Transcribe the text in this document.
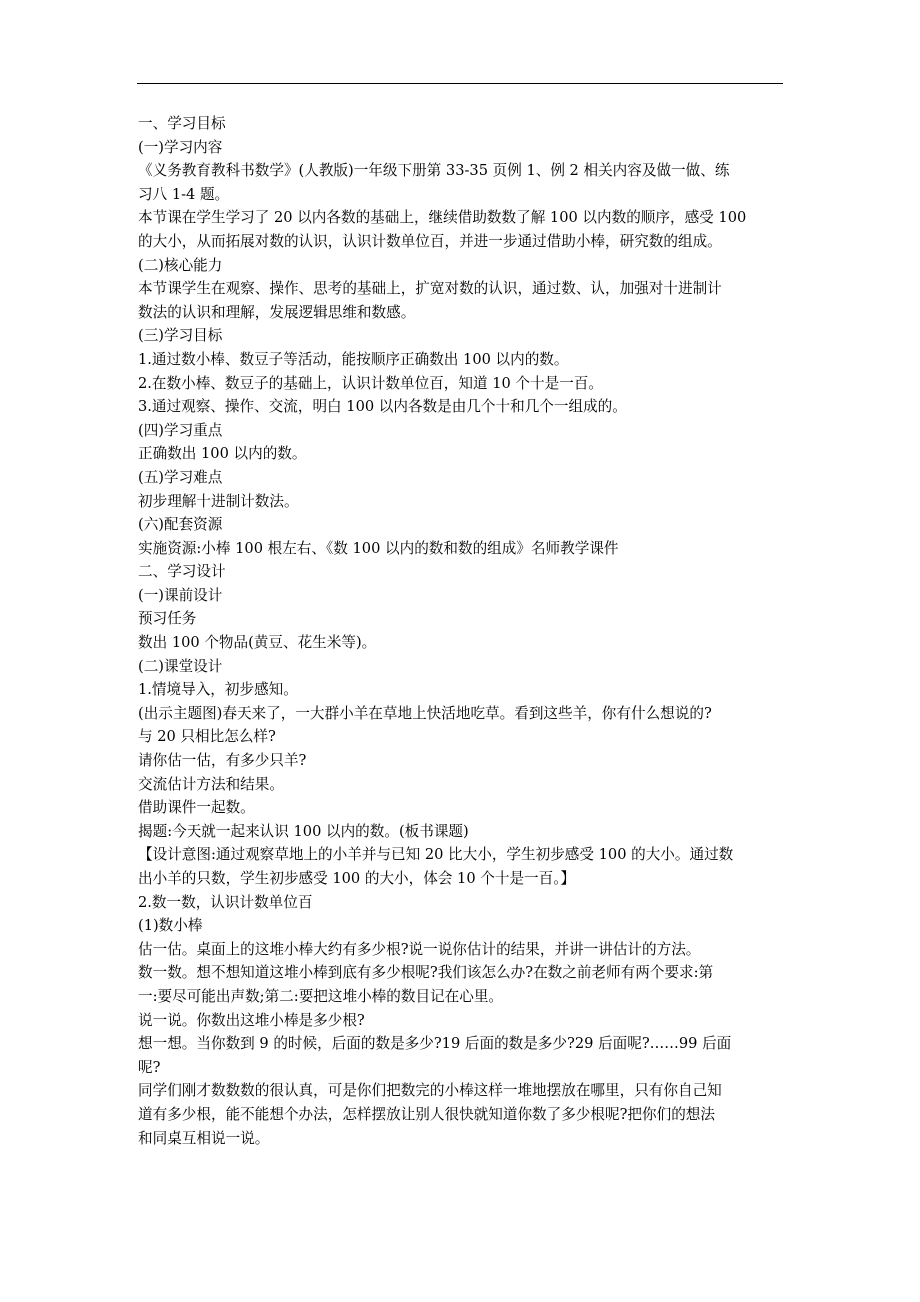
一、学习目标
(一)学习内容
《义务教育教科书数学》(人教版)一年级下册第 33-35 页例 1、例 2 相关内容及做一做、练
习八 1-4 题。
本节课在学生学习了 20 以内各数的基础上，继续借助数数了解 100 以内数的顺序，感受 100
的大小，从而拓展对数的认识，认识计数单位百，并进一步通过借助小棒，研究数的组成。
(二)核心能力
本节课学生在观察、操作、思考的基础上，扩宽对数的认识，通过数、认，加强对十进制计
数法的认识和理解，发展逻辑思维和数感。
(三)学习目标
1.通过数小棒、数豆子等活动，能按顺序正确数出 100 以内的数。
2.在数小棒、数豆子的基础上，认识计数单位百，知道 10 个十是一百。
3.通过观察、操作、交流，明白 100 以内各数是由几个十和几个一组成的。
(四)学习重点
正确数出 100 以内的数。
(五)学习难点
初步理解十进制计数法。
(六)配套资源
实施资源:小棒 100 根左右、《数 100 以内的数和数的组成》名师教学课件
二、学习设计
(一)课前设计
预习任务
数出 100 个物品(黄豆、花生米等)。
(二)课堂设计
1.情境导入，初步感知。
(出示主题图)春天来了，一大群小羊在草地上快活地吃草。看到这些羊，你有什么想说的?
与 20 只相比怎么样?
请你估一估，有多少只羊?
交流估计方法和结果。
借助课件一起数。
揭题:今天就一起来认识 100 以内的数。(板书课题)
【设计意图:通过观察草地上的小羊并与已知 20 比大小，学生初步感受 100 的大小。通过数
出小羊的只数，学生初步感受 100 的大小，体会 10 个十是一百。】
2.数一数，认识计数单位百
(1)数小棒
估一估。桌面上的这堆小棒大约有多少根?说一说你估计的结果，并讲一讲估计的方法。
数一数。想不想知道这堆小棒到底有多少根呢?我们该怎么办?在数之前老师有两个要求:第
一:要尽可能出声数;第二:要把这堆小棒的数目记在心里。
说一说。你数出这堆小棒是多少根?
想一想。当你数到 9 的时候，后面的数是多少?19 后面的数是多少?29 后面呢?……99 后面
呢?
同学们刚才数数数的很认真，可是你们把数完的小棒这样一堆地摆放在哪里，只有你自己知
道有多少根，能不能想个办法，怎样摆放让别人很快就知道你数了多少根呢?把你们的想法
和同桌互相说一说。
